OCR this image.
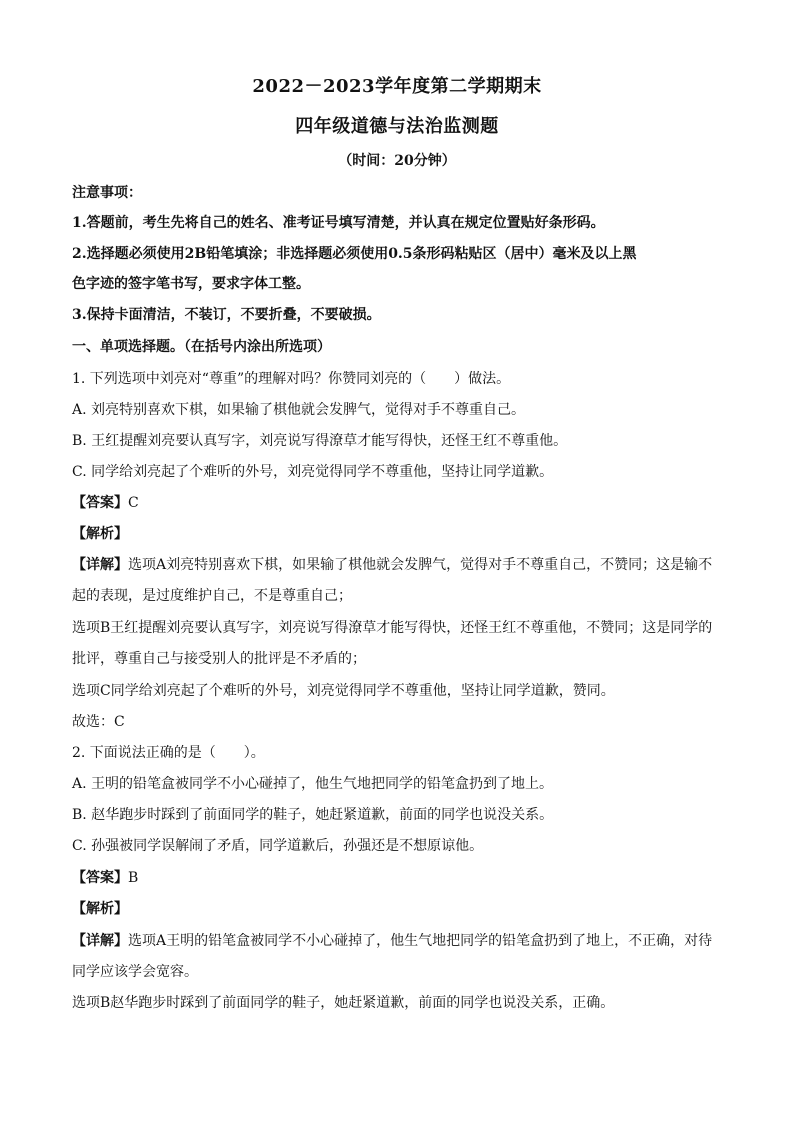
2022－2023学年度第二学期期末
四年级道德与法治监测题
（时间：20分钟）
注意事项：
1.答题前，考生先将自己的姓名、准考证号填写清楚，并认真在规定位置贴好条形码。
2.选择题必须使用2B铅笔填涂；非选择题必须使用0.5条形码粘贴区（居中）毫米及以上黑
色字迹的签字笔书写，要求字体工整。
3.保持卡面清洁，不装订，不要折叠，不要破损。
一、单项选择题。（在括号内涂出所选项）
1. 下列选项中刘亮对“尊重”的理解对吗？你赞同刘亮的（　　）做法。
A. 刘亮特别喜欢下棋，如果输了棋他就会发脾气，觉得对手不尊重自己。
B. 王红提醒刘亮要认真写字，刘亮说写得潦草才能写得快，还怪王红不尊重他。
C. 同学给刘亮起了个难听的外号，刘亮觉得同学不尊重他，坚持让同学道歉。
【答案】C
【解析】
【详解】选项A刘亮特别喜欢下棋，如果输了棋他就会发脾气，觉得对手不尊重自己，不赞同；这是输不
起的表现，是过度维护自己，不是尊重自己；
选项B王红提醒刘亮要认真写字，刘亮说写得潦草才能写得快，还怪王红不尊重他，不赞同；这是同学的
批评，尊重自己与接受别人的批评是不矛盾的；
选项C同学给刘亮起了个难听的外号，刘亮觉得同学不尊重他，坚持让同学道歉，赞同。
故选：C
2. 下面说法正确的是（　　）。
A. 王明的铅笔盒被同学不小心碰掉了，他生气地把同学的铅笔盒扔到了地上。
B. 赵华跑步时踩到了前面同学的鞋子，她赶紧道歉，前面的同学也说没关系。
C. 孙强被同学误解闹了矛盾，同学道歉后，孙强还是不想原谅他。
【答案】B
【解析】
【详解】选项A王明的铅笔盒被同学不小心碰掉了，他生气地把同学的铅笔盒扔到了地上，不正确，对待
同学应该学会宽容。
选项B赵华跑步时踩到了前面同学的鞋子，她赶紧道歉，前面的同学也说没关系，正确。
